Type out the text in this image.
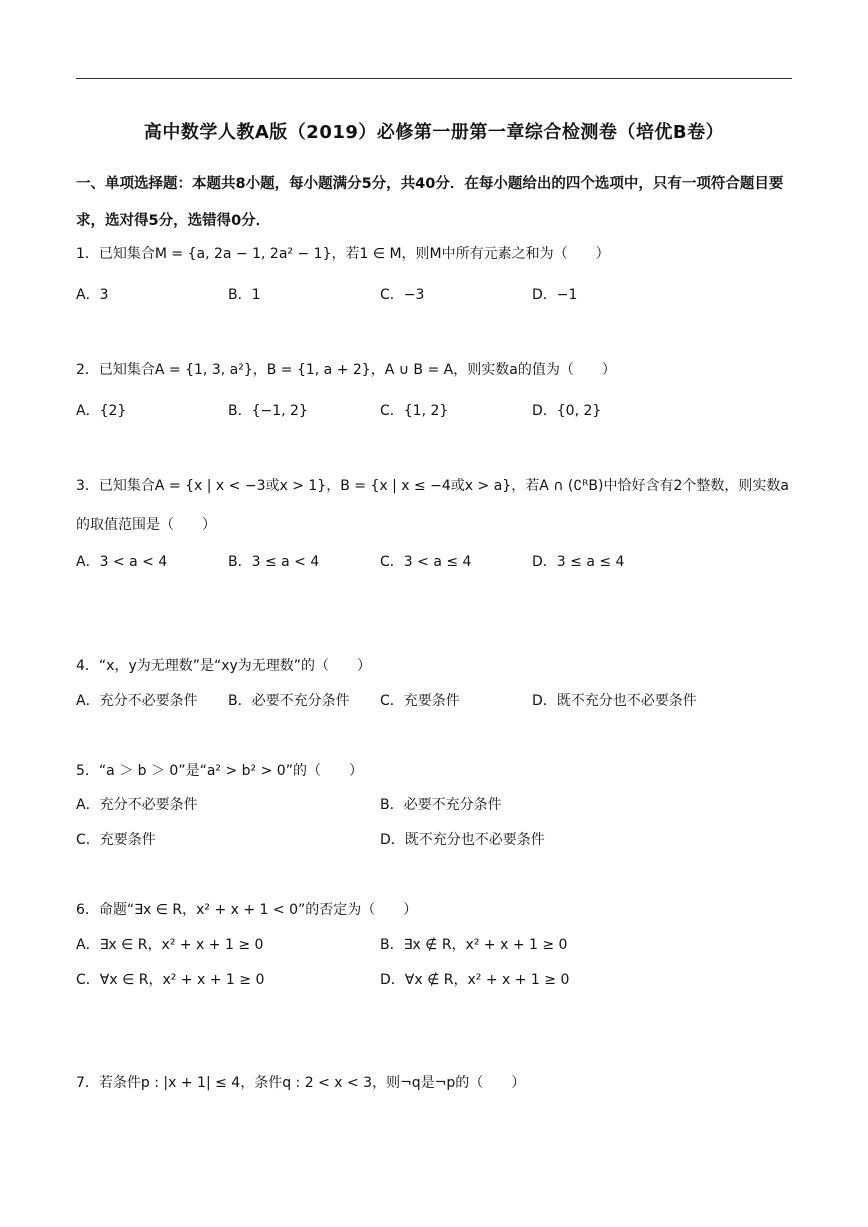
高中数学人教A版（2019）必修第一册第一章综合检测卷（培优B卷）
一、单项选择题：本题共8小题，每小题满分5分，共40分．在每小题给出的四个选项中，只有一项符合题目要求，选对得5分，选错得0分．
1．已知集合M = {a, 2a − 1, 2a² − 1}，若1 ∈ M，则M中所有元素之和为（　　）
A．3	B．1	C．−3	D．−1
2．已知集合A = {1, 3, a²}，B = {1, a + 2}，A ∪ B = A，则实数a的值为（　　）
A．{2}	B．{−1, 2}	C．{1, 2}	D．{0, 2}
3．已知集合A = {x | x < −3或x > 1}，B = {x | x ≤ −4或x > a}，若A ∩ (∁ᴿB)中恰好含有2个整数，则实数a的取值范围是（　　）
A．3 < a < 4	B．3 ≤ a < 4	C．3 < a ≤ 4	D．3 ≤ a ≤ 4
4．“x，y为无理数”是“xy为无理数”的（　　）
A．充分不必要条件 B．必要不充分条件 C．充要条件	D．既不充分也不必要条件
5．“a ＞ b ＞ 0”是“a² > b² > 0”的（　　）
A．充分不必要条件	B．必要不充分条件
C．充要条件	D．既不充分也不必要条件
6．命题“∃x ∈ R，x² + x + 1 < 0”的否定为（　　）
A．∃x ∈ R，x² + x + 1 ≥ 0	B．∃x ∉ R，x² + x + 1 ≥ 0
C．∀x ∈ R，x² + x + 1 ≥ 0	D．∀x ∉ R，x² + x + 1 ≥ 0
7．若条件p : |x + 1| ≤ 4，条件q : 2 < x < 3，则¬q是¬p的（　　）
